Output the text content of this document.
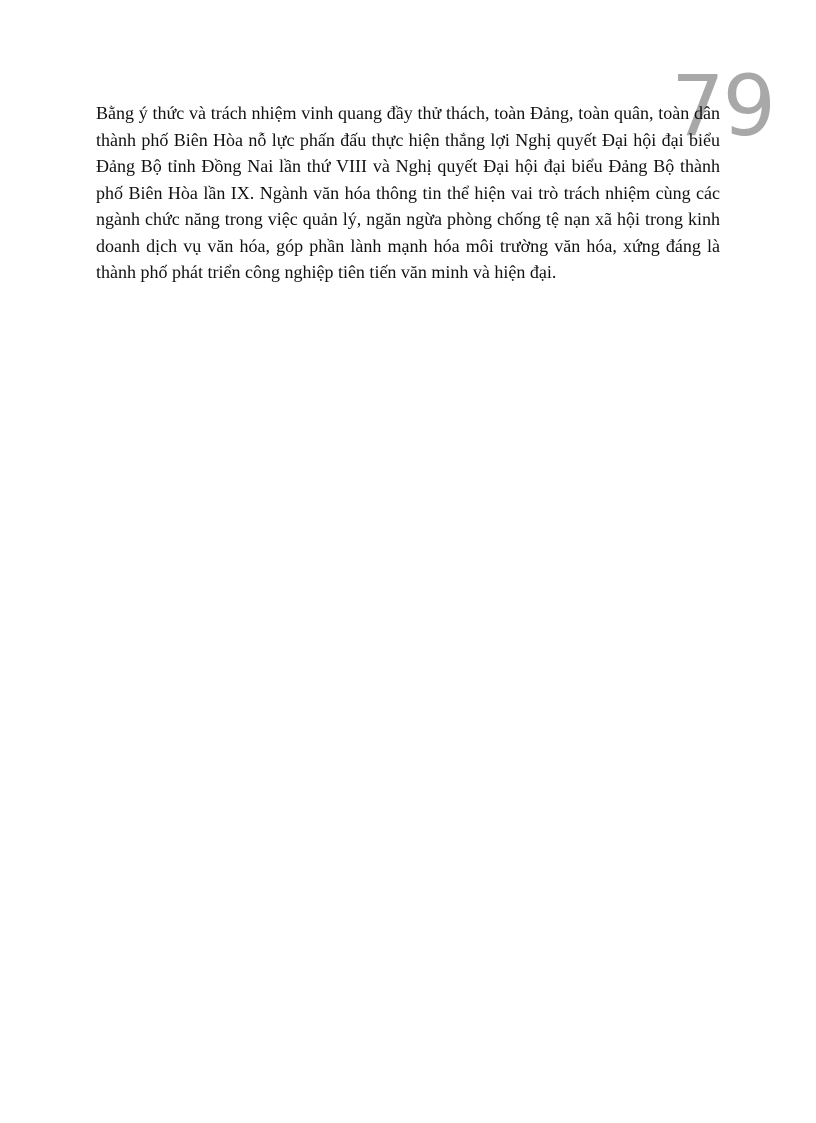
79

Bằng ý thức và trách nhiệm vinh quang đầy thử thách, toàn Đảng, toàn quân, toàn dân thành phố Biên Hòa nỗ lực phấn đấu thực hiện thắng lợi Nghị quyết Đại hội đại biểu Đảng Bộ tỉnh Đồng Nai lần thứ VIII và Nghị quyết Đại hội đại biểu Đảng Bộ thành phố Biên Hòa lần IX. Ngành văn hóa thông tin thể hiện vai trò trách nhiệm cùng các ngành chức năng trong việc quản lý, ngăn ngừa phòng chống tệ nạn xã hội trong kinh doanh dịch vụ văn hóa, góp phần lành mạnh hóa môi trường văn hóa, xứng đáng là thành phố phát triển công nghiệp tiên tiến văn minh và hiện đại.
